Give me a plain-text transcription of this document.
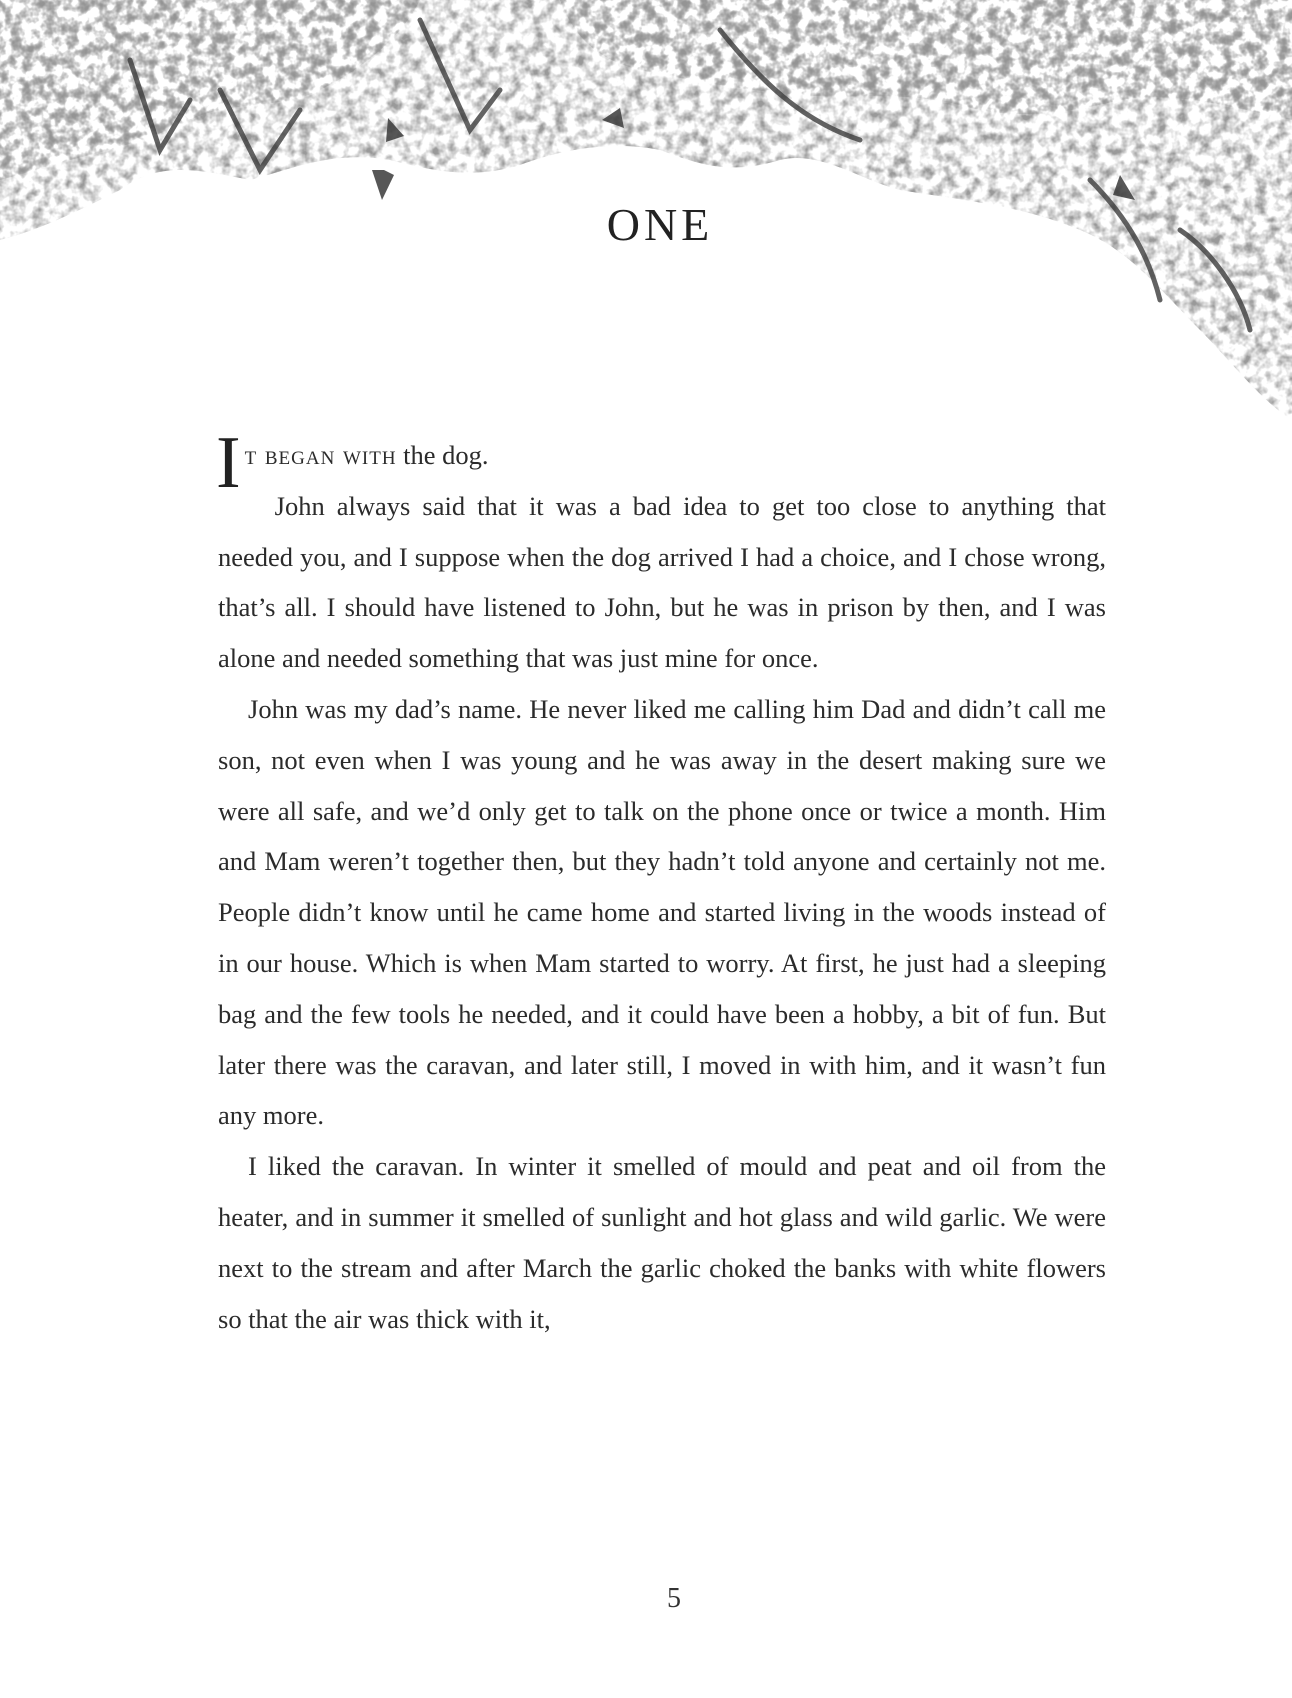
ONE

It began with the dog.

John always said that it was a bad idea to get too close to anything that needed you, and I suppose when the dog arrived I had a choice, and I chose wrong, that’s all. I should have listened to John, but he was in prison by then, and I was alone and needed something that was just mine for once.

John was my dad’s name. He never liked me calling him Dad and didn’t call me son, not even when I was young and he was away in the desert making sure we were all safe, and we’d only get to talk on the phone once or twice a month. Him and Mam weren’t together then, but they hadn’t told anyone and certainly not me. People didn’t know until he came home and started living in the woods instead of in our house. Which is when Mam started to worry. At first, he just had a sleeping bag and the few tools he needed, and it could have been a hobby, a bit of fun. But later there was the caravan, and later still, I moved in with him, and it wasn’t fun any more.

I liked the caravan. In winter it smelled of mould and peat and oil from the heater, and in summer it smelled of sunlight and hot glass and wild garlic. We were next to the stream and after March the garlic choked the banks with white flowers so that the air was thick with it,

5
